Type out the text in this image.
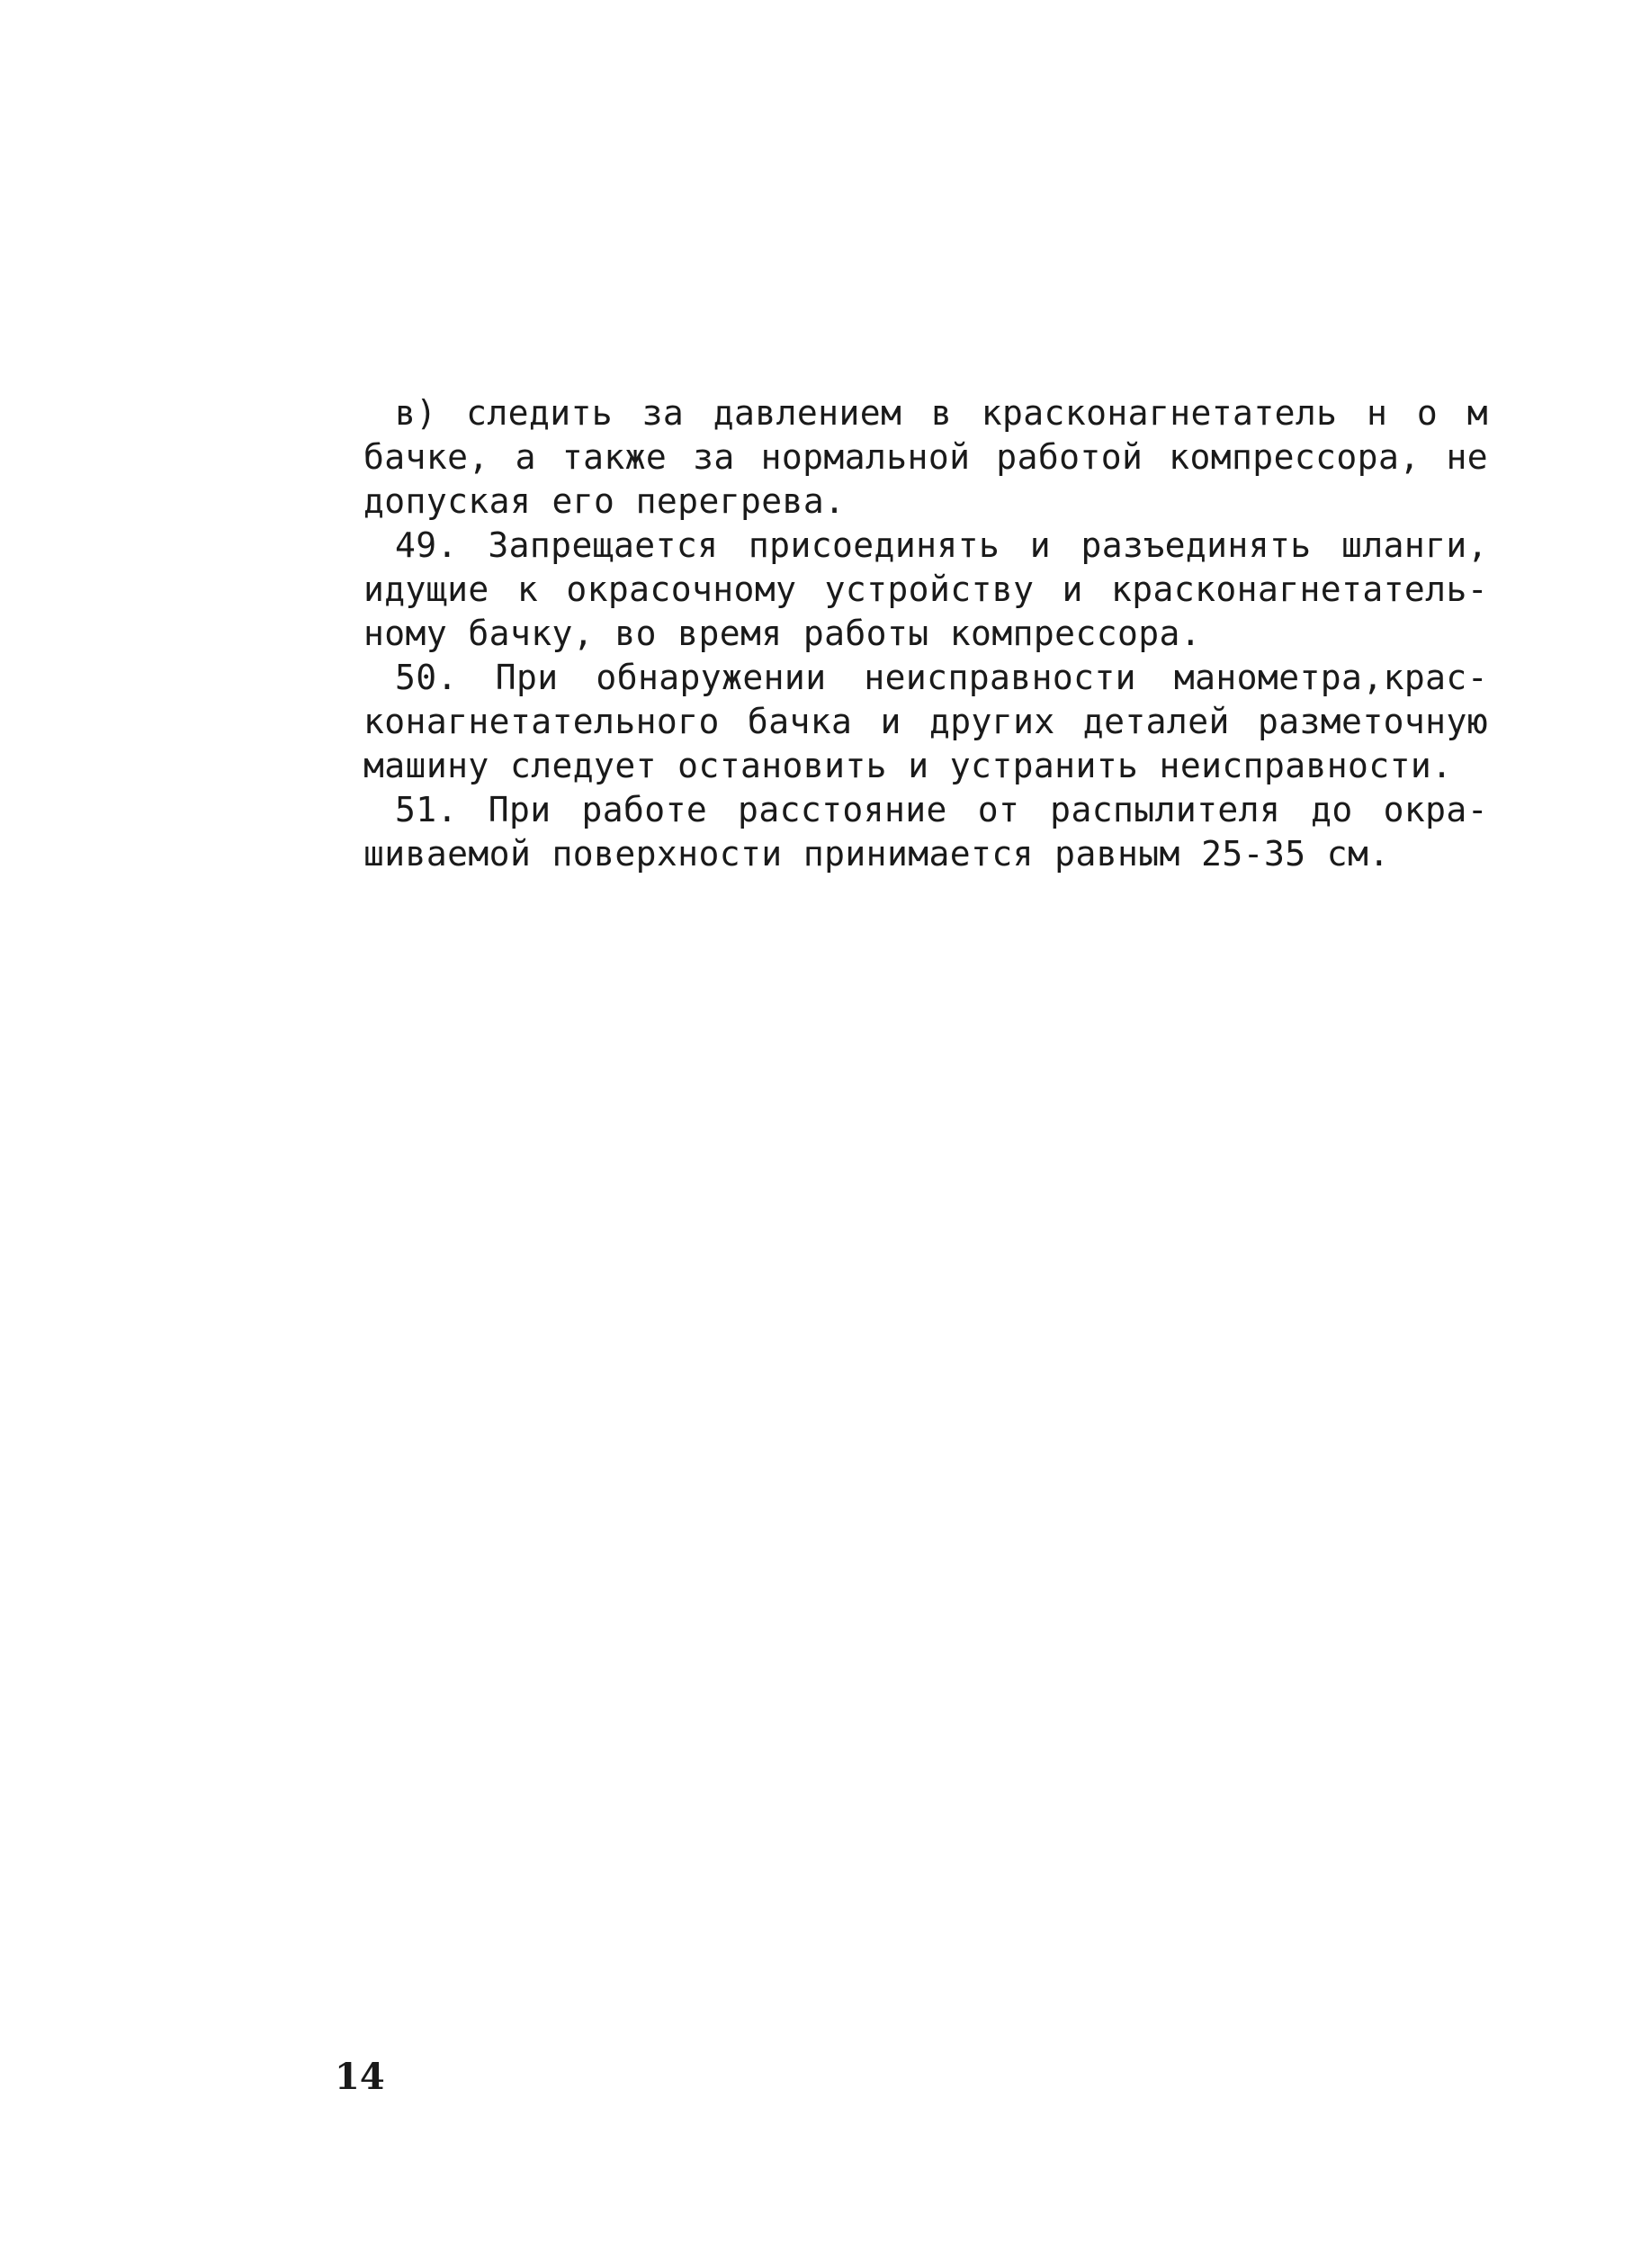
в) следить за давлением в красконагнетатель н о м
бачке, а также за нормальной работой компрессора, не
допуская его перегрева.
49. Запрещается присоединять и разъединять шланги,
идущие к окрасочному устройству и красконагнетатель-
ному бачку, во время работы компрессора.
50. При обнаружении неисправности манометра,крас-
конагнетательного бачка и других деталей разметочную
машину следует остановить и устранить неисправности.
51. При работе расстояние от распылителя до окра-
шиваемой поверхности принимается равным 25-35 см.
14
